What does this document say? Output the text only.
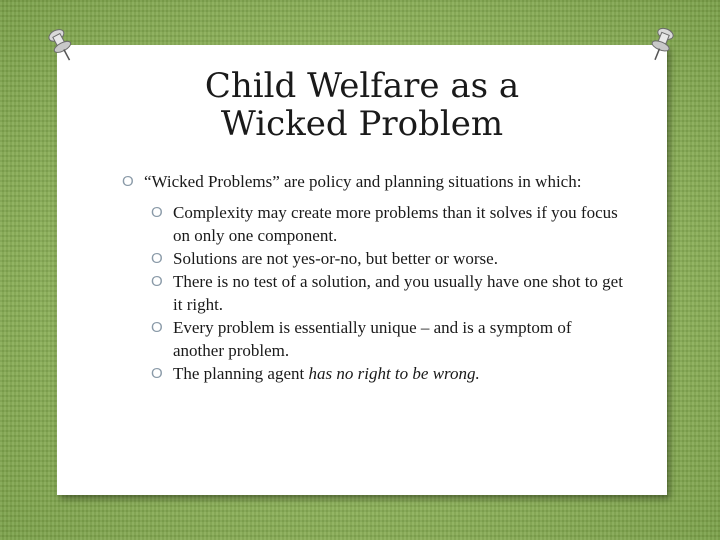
Child Welfare as a
Wicked Problem
O “Wicked Problems” are policy and planning situations in which:
O Complexity may create more problems than it solves if you focus on only one component.
O Solutions are not yes-or-no, but better or worse.
O There is no test of a solution, and you usually have one shot to get it right.
O Every problem is essentially unique – and is a symptom of another problem.
O The planning agent has no right to be wrong.
